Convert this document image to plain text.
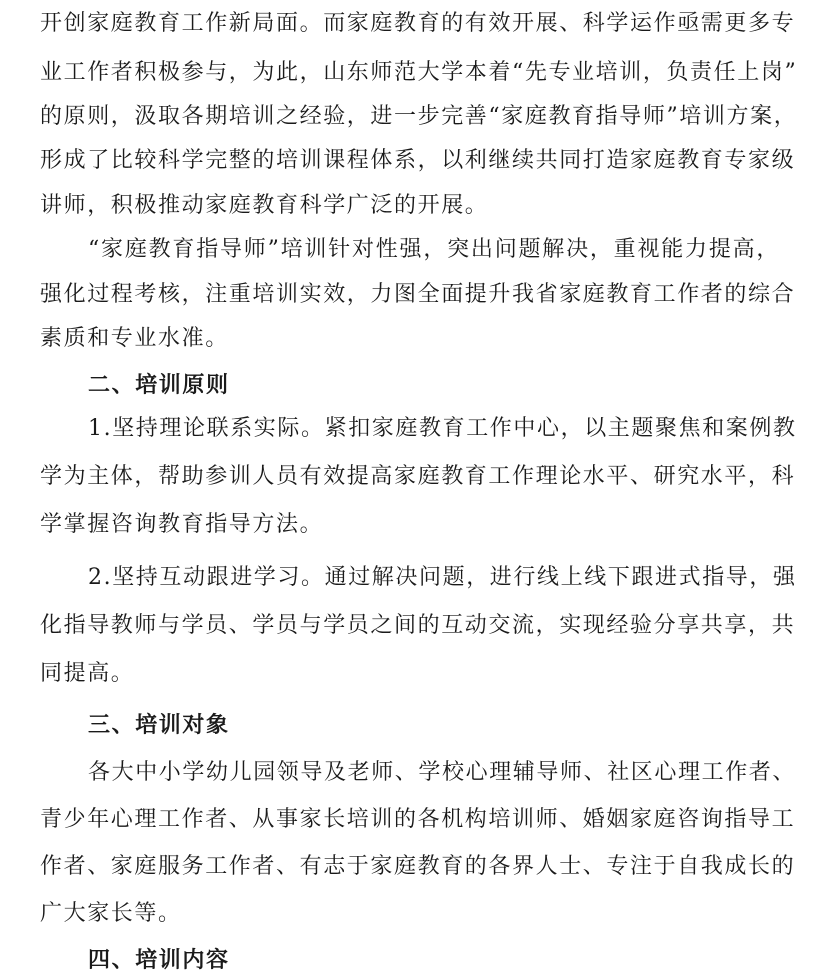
开创家庭教育工作新局面。而家庭教育的有效开展、科学运作亟需更多专
业工作者积极参与，为此，山东师范大学本着“先专业培训，负责任上岗”
的原则，汲取各期培训之经验，进一步完善“家庭教育指导师”培训方案，
形成了比较科学完整的培训课程体系，以利继续共同打造家庭教育专家级
讲师，积极推动家庭教育科学广泛的开展。
“家庭教育指导师”培训针对性强，突出问题解决，重视能力提高，
强化过程考核，注重培训实效，力图全面提升我省家庭教育工作者的综合
素质和专业水准。
二、培训原则
1.坚持理论联系实际。紧扣家庭教育工作中心，以主题聚焦和案例教
学为主体，帮助参训人员有效提高家庭教育工作理论水平、研究水平，科
学掌握咨询教育指导方法。
2.坚持互动跟进学习。通过解决问题，进行线上线下跟进式指导，强
化指导教师与学员、学员与学员之间的互动交流，实现经验分享共享，共
同提高。
三、培训对象
各大中小学幼儿园领导及老师、学校心理辅导师、社区心理工作者、
青少年心理工作者、从事家长培训的各机构培训师、婚姻家庭咨询指导工
作者、家庭服务工作者、有志于家庭教育的各界人士、专注于自我成长的
广大家长等。
四、培训内容
